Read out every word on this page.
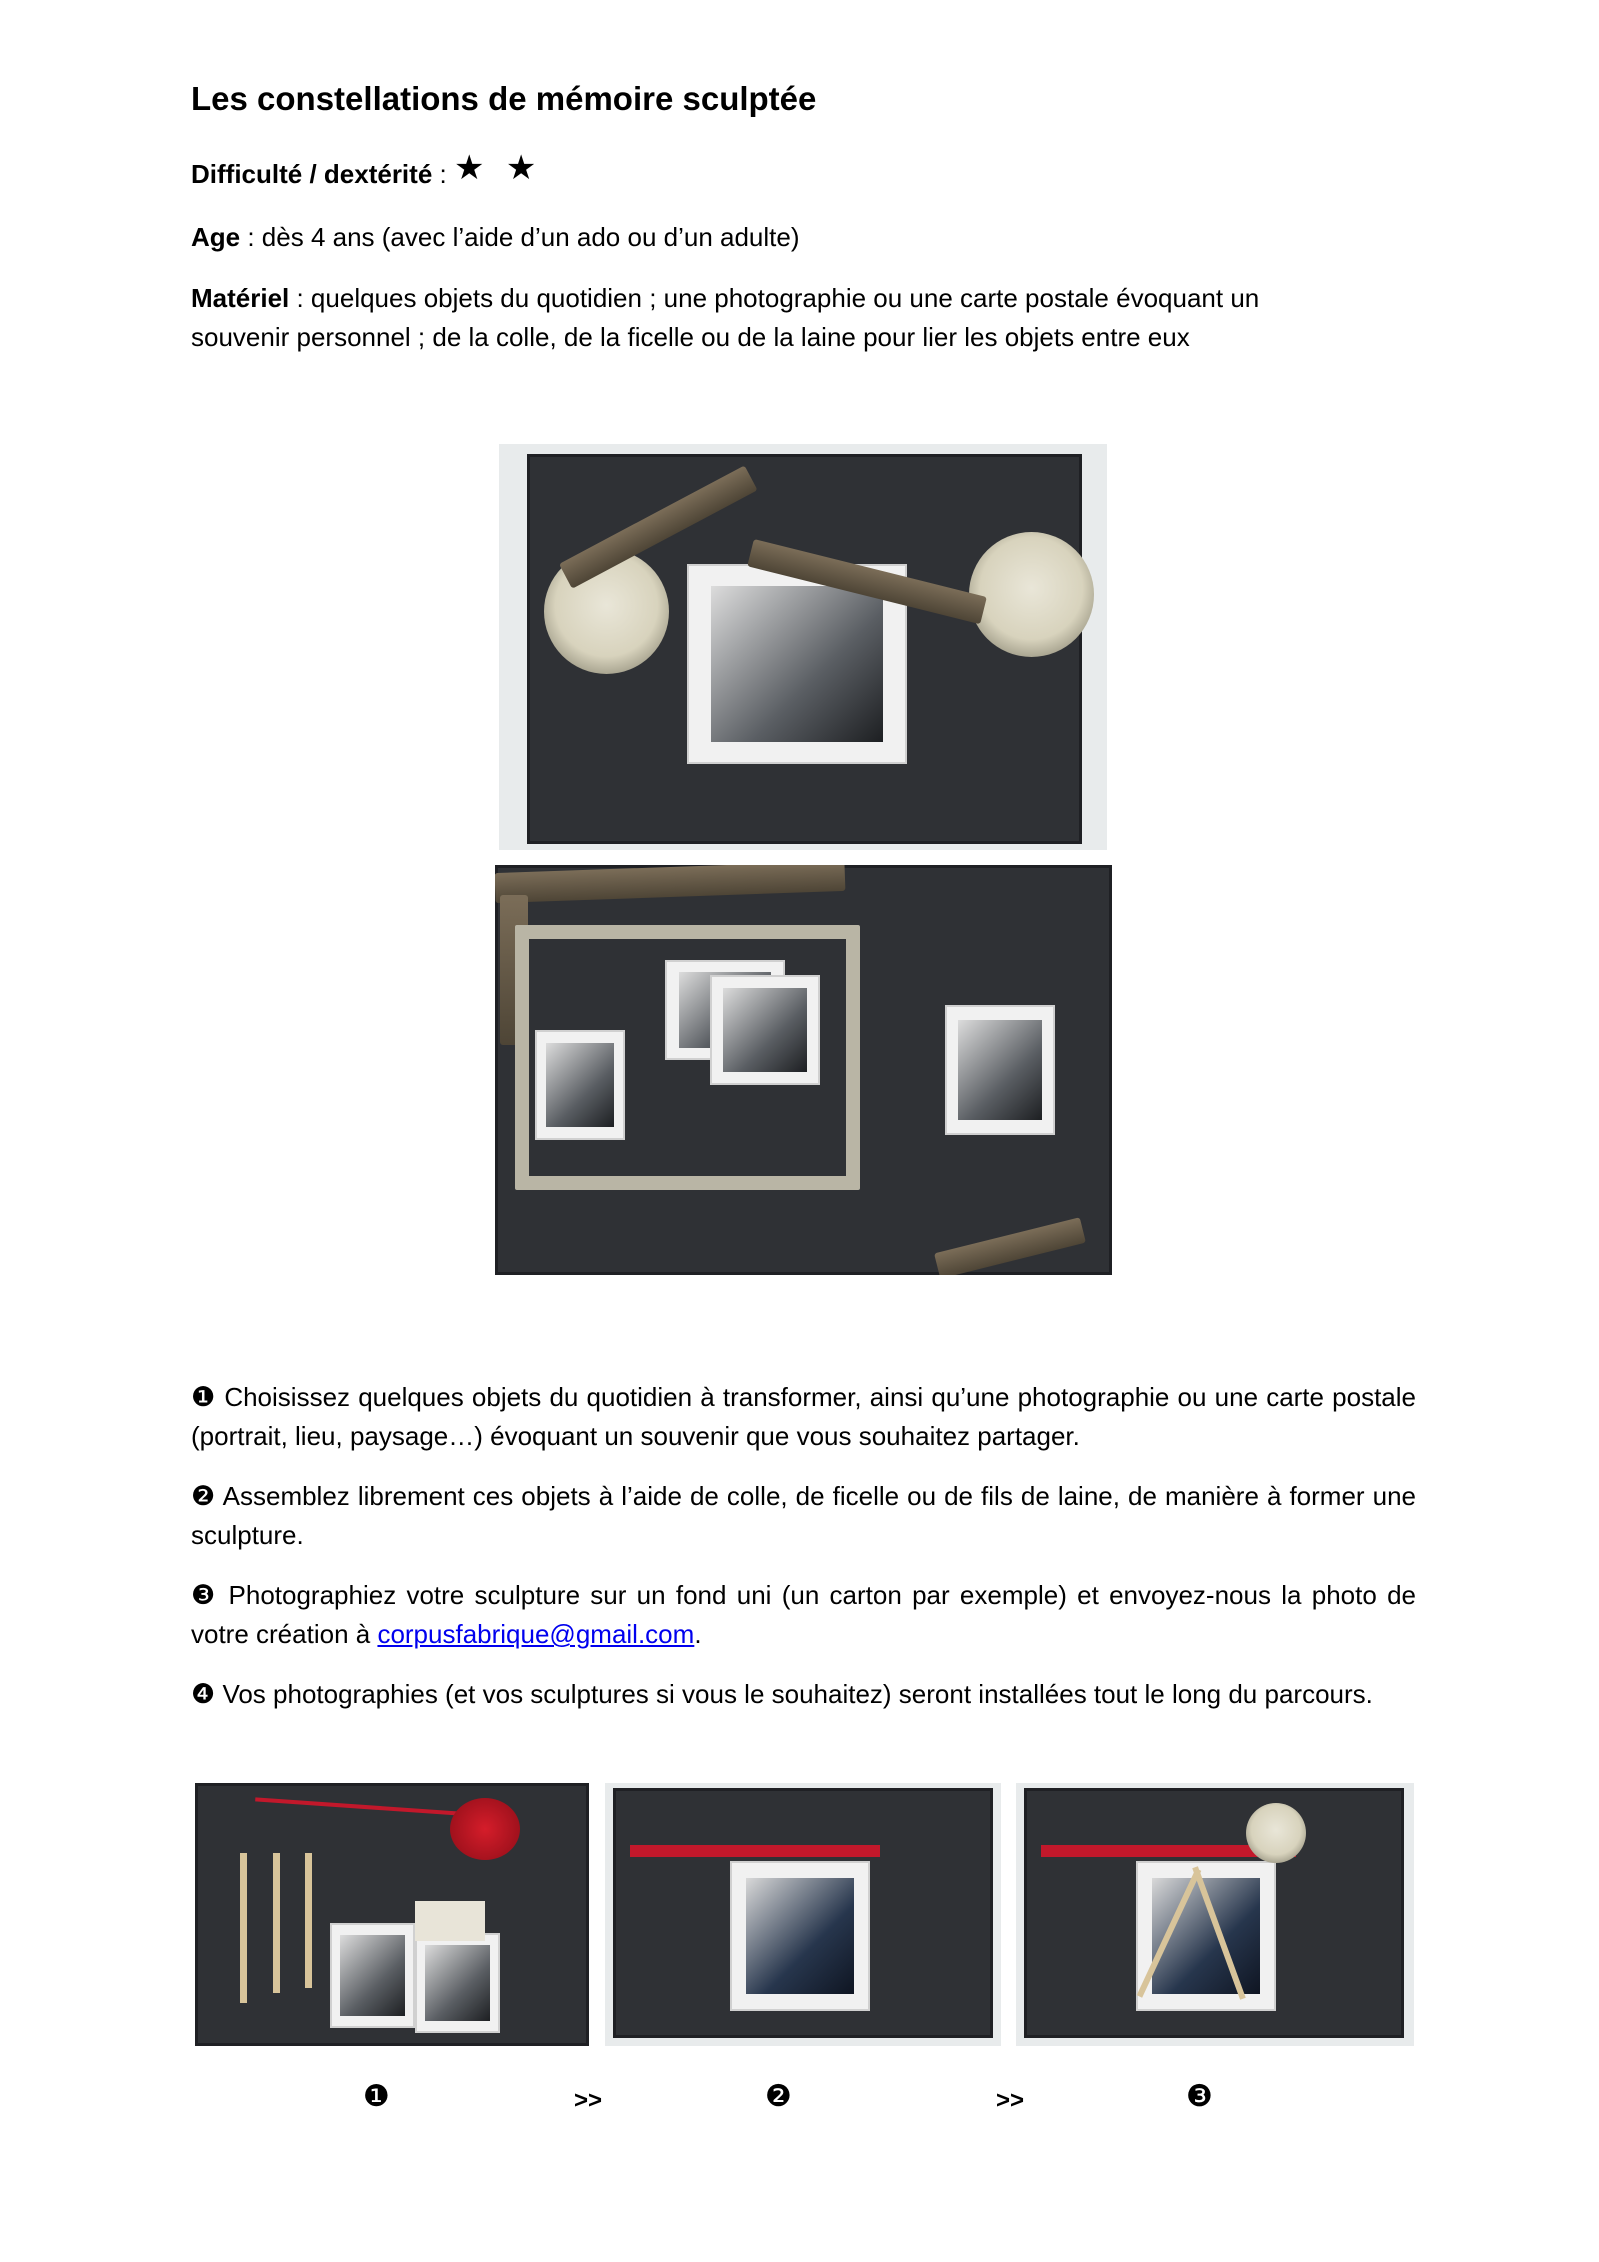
Les constellations de mémoire sculptée
Difficulté / dextérité : ★ ★
Age : dès 4 ans (avec l’aide d’un ado ou d’un adulte)
Matériel : quelques objets du quotidien ; une photographie ou une carte postale évoquant un
souvenir personnel ; de la colle, de la ficelle ou de la laine pour lier les objets entre eux

❶ Choisissez quelques objets du quotidien à transformer, ainsi qu’une photographie ou une carte postale (portrait, lieu, paysage…) évoquant un souvenir que vous souhaitez partager.

❷ Assemblez librement ces objets à l’aide de colle, de ficelle ou de fils de laine, de manière à former une sculpture.

❸ Photographiez votre sculpture sur un fond uni (un carton par exemple) et envoyez-nous la photo de votre création à corpusfabrique@gmail.com.

❹ Vos photographies (et vos sculptures si vous le souhaitez) seront installées tout le long du parcours.

❶	>>	❷	>>	❸
